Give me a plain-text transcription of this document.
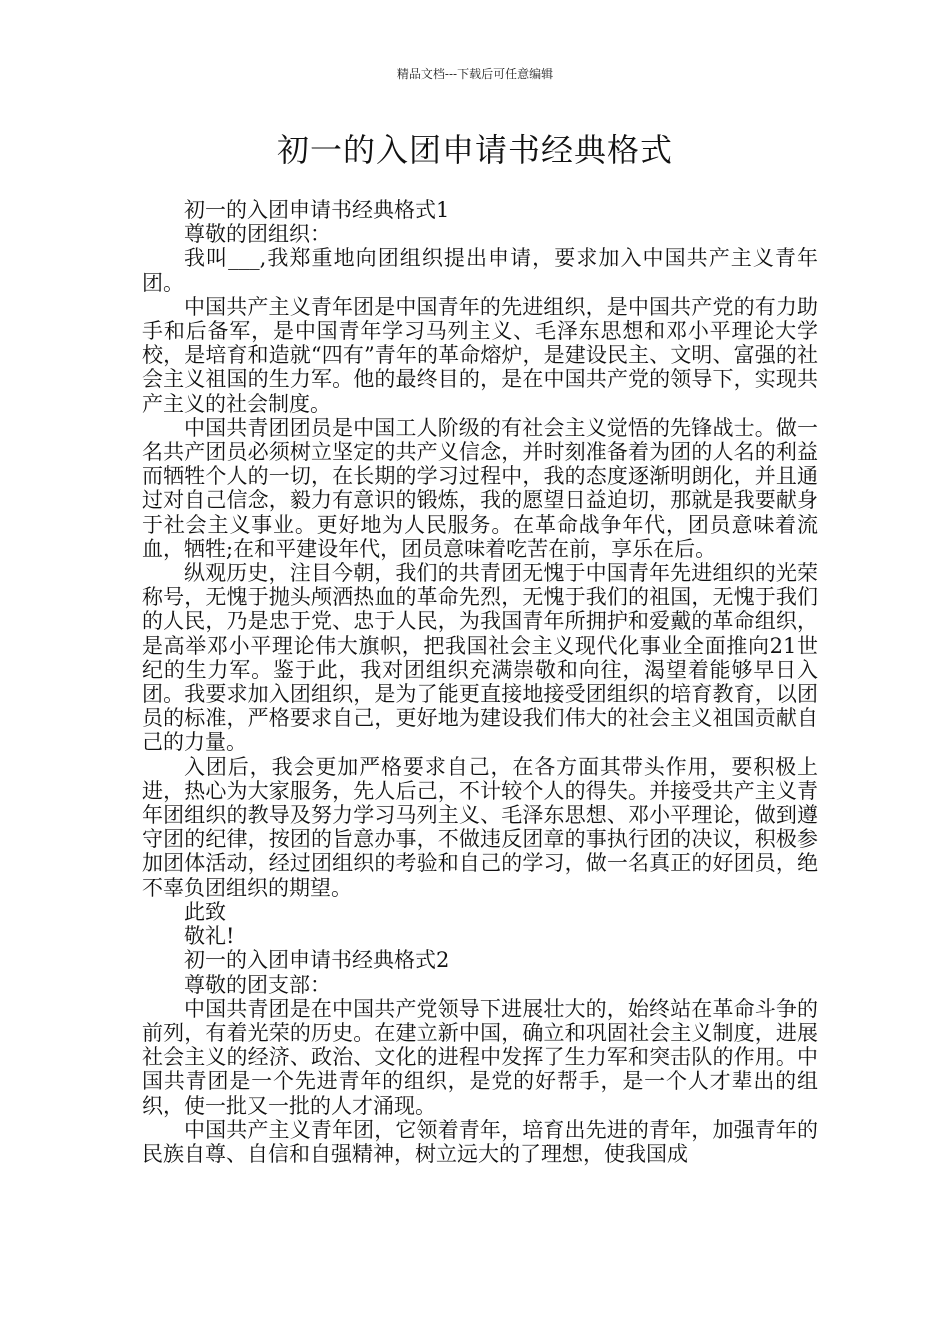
精品文档---下载后可任意编辑
初一的入团申请书经典格式

初一的入团申请书经典格式1

尊敬的团组织：

我叫___,我郑重地向团组织提出申请，要求加入中国共产主义青年团。

中国共产主义青年团是中国青年的先进组织，是中国共产党的有力助手和后备军，是中国青年学习马列主义、毛泽东思想和邓小平理论大学校，是培育和造就“四有”青年的革命熔炉，是建设民主、文明、富强的社会主义祖国的生力军。他的最终目的，是在中国共产党的领导下，实现共产主义的社会制度。

中国共青团团员是中国工人阶级的有社会主义觉悟的先锋战士。做一名共产团员必须树立坚定的共产义信念，并时刻准备着为团的人名的利益而牺牲个人的一切，在长期的学习过程中，我的态度逐渐明朗化，并且通过对自己信念，毅力有意识的锻炼，我的愿望日益迫切，那就是我要献身于社会主义事业。更好地为人民服务。在革命战争年代，团员意味着流血，牺牲;在和平建设年代，团员意味着吃苦在前，享乐在后。

纵观历史，注目今朝，我们的共青团无愧于中国青年先进组织的光荣称号，无愧于抛头颅洒热血的革命先烈，无愧于我们的祖国，无愧于我们的人民，乃是忠于党、忠于人民，为我国青年所拥护和爱戴的革命组织，是高举邓小平理论伟大旗帜，把我国社会主义现代化事业全面推向21世纪的生力军。鉴于此，我对团组织充满崇敬和向往，渴望着能够早日入团。我要求加入团组织，是为了能更直接地接受团组织的培育教育，以团员的标准，严格要求自己，更好地为建设我们伟大的社会主义祖国贡献自己的力量。

入团后，我会更加严格要求自己，在各方面其带头作用，要积极上进，热心为大家服务，先人后己，不计较个人的得失。并接受共产主义青年团组织的教导及努力学习马列主义、毛泽东思想、邓小平理论，做到遵守团的纪律，按团的旨意办事，不做违反团章的事执行团的决议，积极参加团体活动，经过团组织的考验和自己的学习，做一名真正的好团员，绝不辜负团组织的期望。

此致

敬礼!

初一的入团申请书经典格式2

尊敬的团支部：

中国共青团是在中国共产党领导下进展壮大的，始终站在革命斗争的前列，有着光荣的历史。在建立新中国，确立和巩固社会主义制度，进展社会主义的经济、政治、文化的进程中发挥了生力军和突击队的作用。中国共青团是一个先进青年的组织，是党的好帮手，是一个人才辈出的组织，使一批又一批的人才涌现。

中国共产主义青年团，它领着青年，培育出先进的青年，加强青年的民族自尊、自信和自强精神，树立远大的了理想，使我国成
